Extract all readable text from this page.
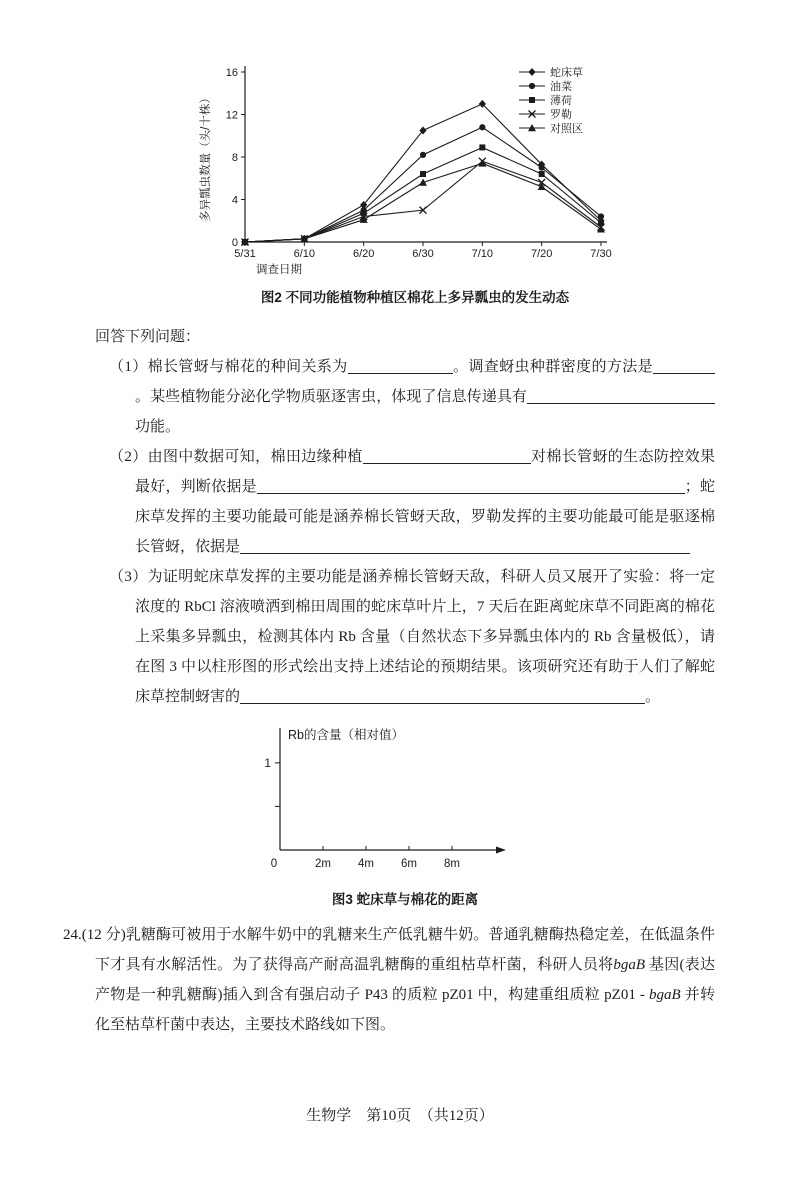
0
4
8
12
16
5/31	6/10	6/20	6/30	7/10	7/20	7/30
调查日期
多异瓢虫数量（头/十株）
蛇床草
油菜
薄荷
罗勒
对照区
图2 不同功能植物种植区棉花上多异瓢虫的发生动态

回答下列问题：

（1）棉长管蚜与棉花的种间关系为	。调查蚜虫种群密度的方法是。某些植物能分泌化学物质驱逐害虫，体现了信息传递具有功能。

（2）由图中数据可知，棉田边缘种植	对棉长管蚜的生态防控效果最好，判断依据是	；蛇床草发挥的主要功能最可能是涵养棉长管蚜天敌，罗勒发挥的主要功能最可能是驱逐棉长管蚜，依据是

（3）为证明蛇床草发挥的主要功能是涵养棉长管蚜天敌，科研人员又展开了实验：将一定浓度的 RbCl 溶液喷洒到棉田周围的蛇床草叶片上，7 天后在距离蛇床草不同距离的棉花上采集多异瓢虫，检测其体内 Rb 含量（自然状态下多异瓢虫体内的 Rb 含量极低），请在图 3 中以柱形图的形式绘出支持上述结论的预期结果。该项研究还有助于人们了解蛇床草控制蚜害的	。

Rb的含量（相对值）
1
0	2m 4m 6m 8m
图3 蛇床草与棉花的距离

24.(12 分)乳糖酶可被用于水解牛奶中的乳糖来生产低乳糖牛奶。普通乳糖酶热稳定差，在低温条件下才具有水解活性。为了获得高产耐高温乳糖酶的重组枯草杆菌，科研人员将bgaB 基因(表达产物是一种乳糖酶)插入到含有强启动子 P43 的质粒 pZ01 中，构建重组质粒 pZ01 - bgaB 并转化至枯草杆菌中表达，主要技术路线如下图。

生物学　第10页　（共12页）
